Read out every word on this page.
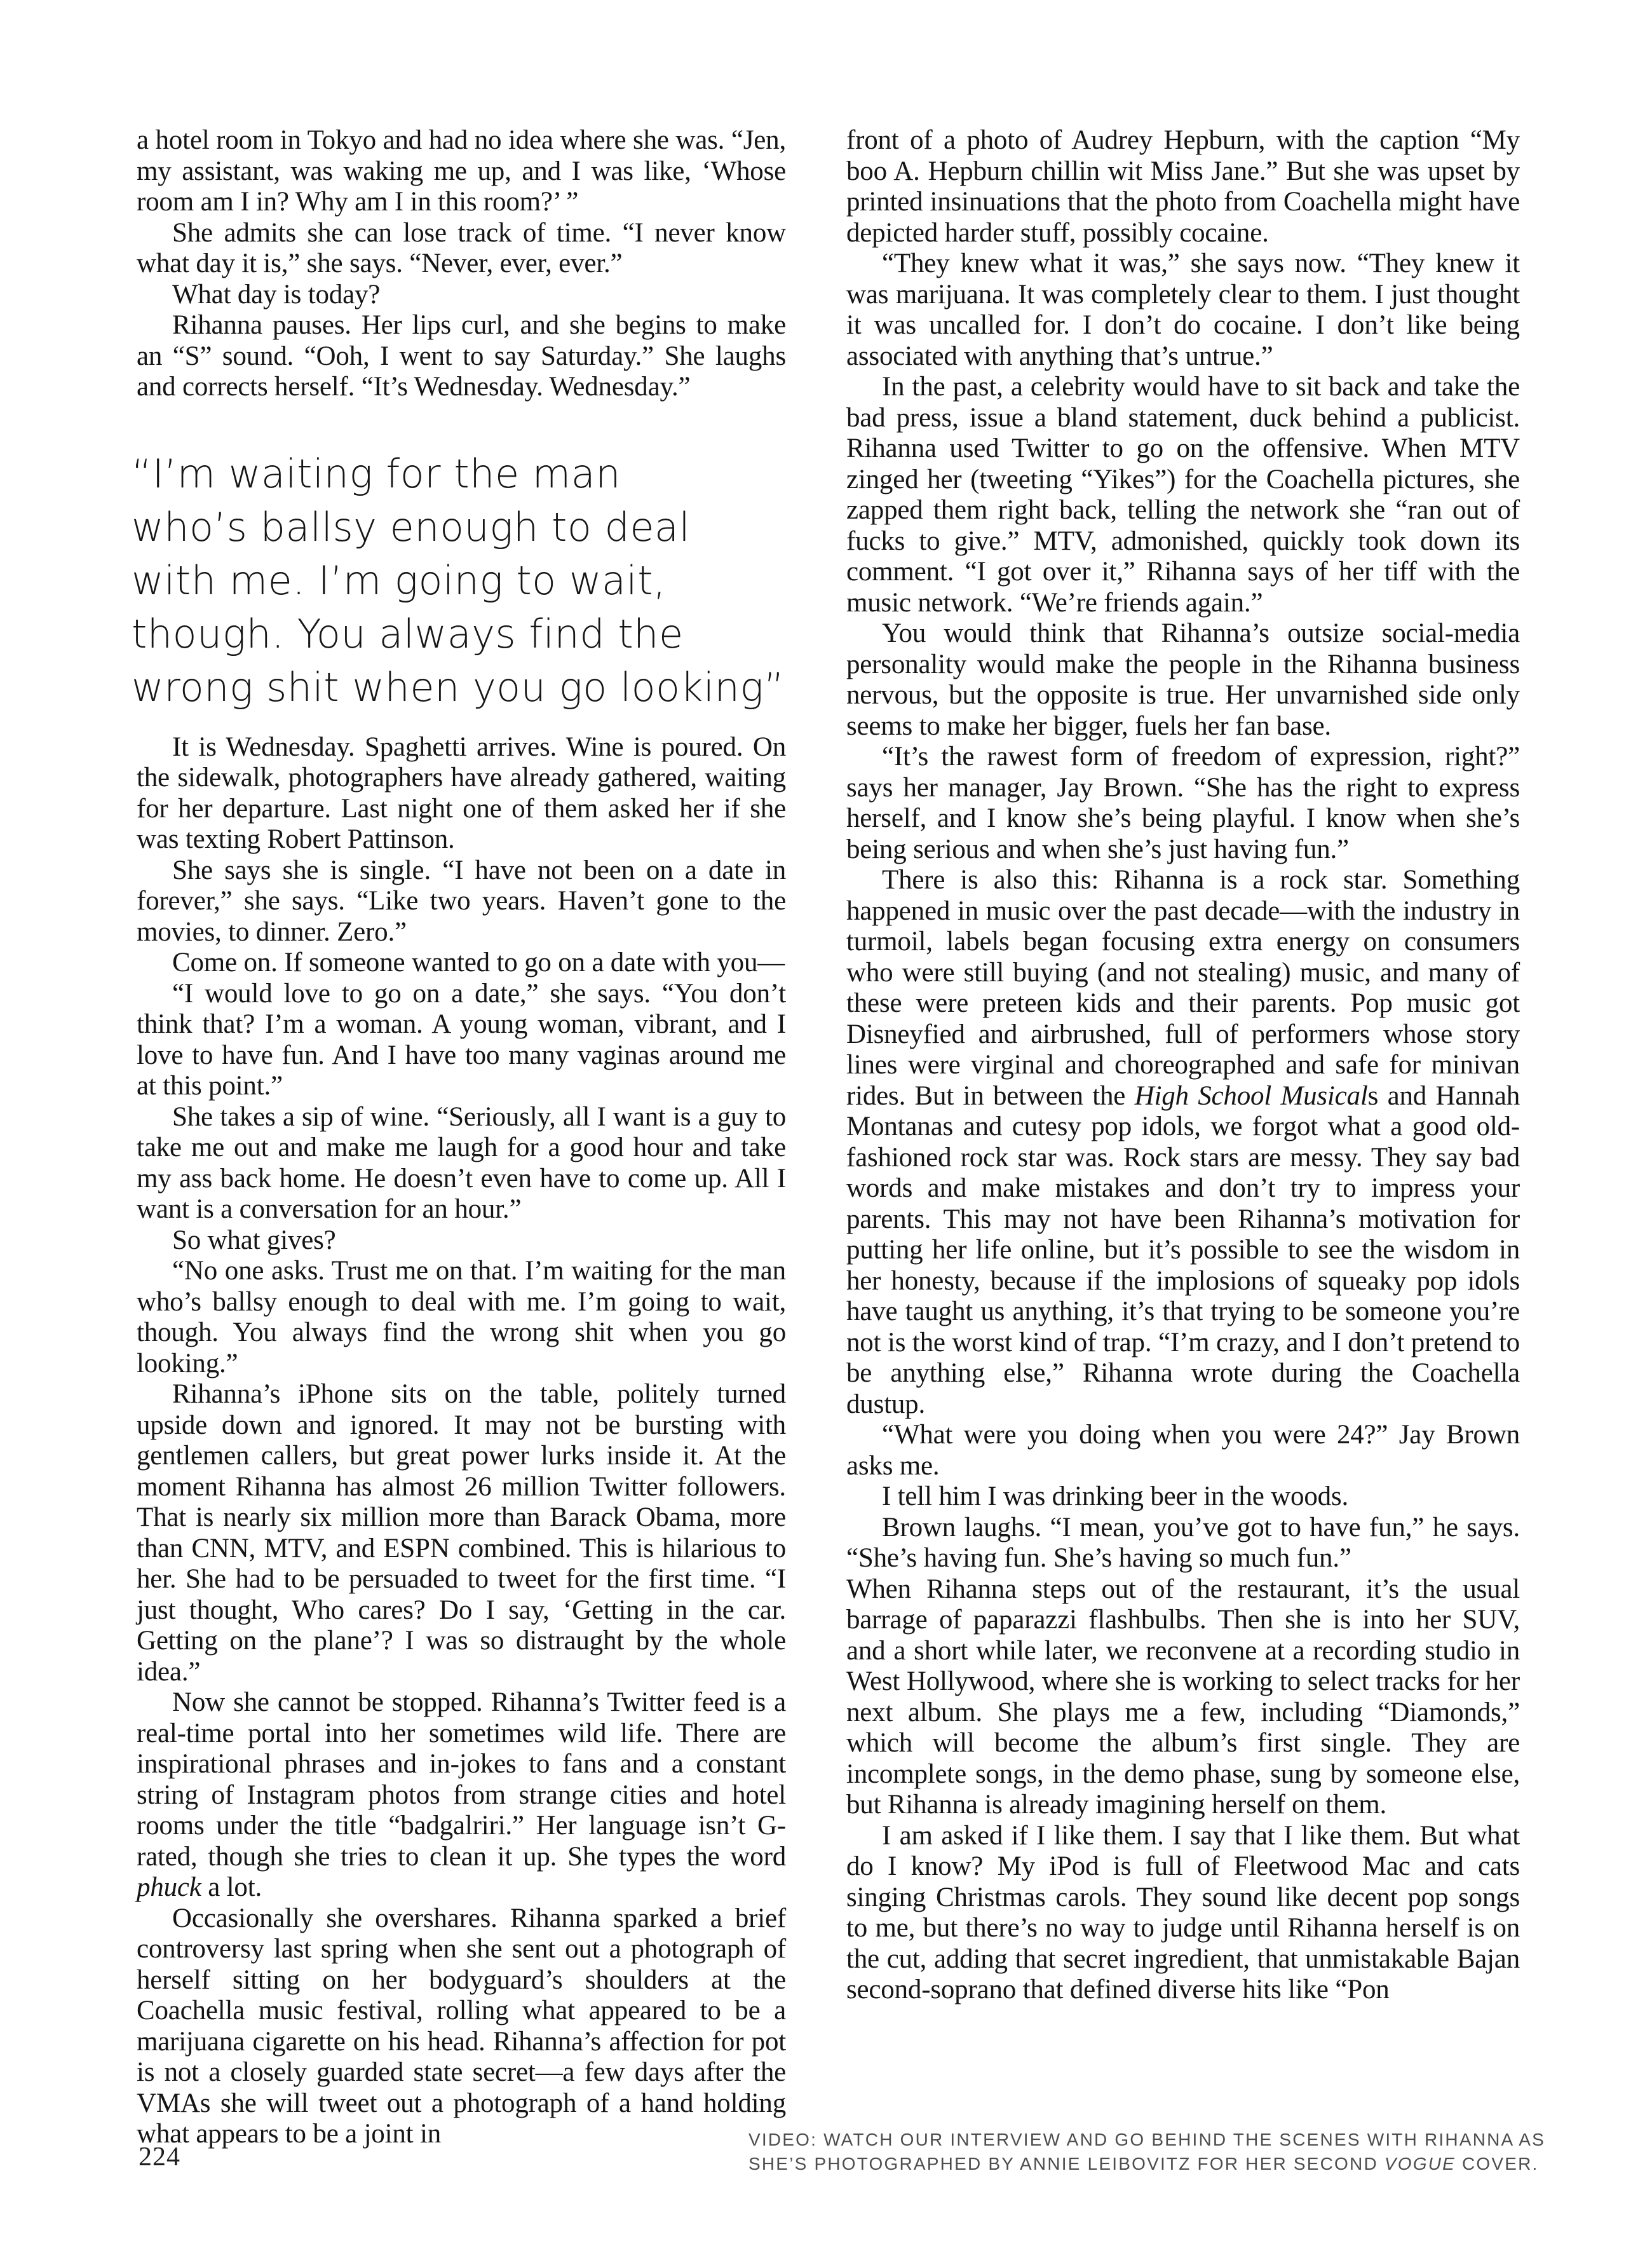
a hotel room in Tokyo and had no idea where she was. “Jen, my assistant, was waking me up, and I was like, ‘Whose room am I in? Why am I in this room?’ ”

She admits she can lose track of time. “I never know what day it is,” she says. “Never, ever, ever.”

What day is today?

Rihanna pauses. Her lips curl, and she begins to make an “S” sound. “Ooh, I went to say Saturday.” She laughs and corrects herself. “It’s Wednesday. Wednesday.”

“I’m waiting for the man
who’s ballsy enough to deal
with me. I’m going to wait,
though. You always find the
wrong shit when you go looking”

It is Wednesday. Spaghetti arrives. Wine is poured. On the sidewalk, photographers have already gathered, waiting for her departure. Last night one of them asked her if she was texting Robert Pattinson.

She says she is single. “I have not been on a date in forever,” she says. “Like two years. Haven’t gone to the movies, to dinner. Zero.”

Come on. If someone wanted to go on a date with you—

“I would love to go on a date,” she says. “You don’t think that? I’m a woman. A young woman, vibrant, and I love to have fun. And I have too many vaginas around me at this point.”

She takes a sip of wine. “Seriously, all I want is a guy to take me out and make me laugh for a good hour and take my ass back home. He doesn’t even have to come up. All I want is a conversation for an hour.”

So what gives?

“No one asks. Trust me on that. I’m waiting for the man who’s ballsy enough to deal with me. I’m going to wait, though. You always find the wrong shit when you go looking.”

Rihanna’s iPhone sits on the table, politely turned upside down and ignored. It may not be bursting with gentlemen callers, but great power lurks inside it. At the moment Rihanna has almost 26 million Twitter followers. That is nearly six million more than Barack Obama, more than CNN, MTV, and ESPN combined. This is hilarious to her. She had to be persuaded to tweet for the first time. “I just thought, Who cares? Do I say, ‘Getting in the car. Getting on the plane’? I was so distraught by the whole idea.”

Now she cannot be stopped. Rihanna’s Twitter feed is a real-time portal into her sometimes wild life. There are inspirational phrases and in-jokes to fans and a constant string of Instagram photos from strange cities and hotel rooms under the title “badgalriri.” Her language isn’t G-rated, though she tries to clean it up. She types the word phuck a lot.

Occasionally she overshares. Rihanna sparked a brief controversy last spring when she sent out a photograph of herself sitting on her bodyguard’s shoulders at the Coachella music festival, rolling what appeared to be a marijuana cigarette on his head. Rihanna’s affection for pot is not a closely guarded state secret—a few days after the VMAs she will tweet out a photograph of a hand holding what appears to be a joint in

front of a photo of Audrey Hepburn, with the caption “My boo A. Hepburn chillin wit Miss Jane.” But she was upset by printed insinuations that the photo from Coachella might have depicted harder stuff, possibly cocaine.

“They knew what it was,” she says now. “They knew it was marijuana. It was completely clear to them. I just thought it was uncalled for. I don’t do cocaine. I don’t like being associated with anything that’s untrue.”

In the past, a celebrity would have to sit back and take the bad press, issue a bland statement, duck behind a publicist. Rihanna used Twitter to go on the offensive. When MTV zinged her (tweeting “Yikes”) for the Coachella pictures, she zapped them right back, telling the network she “ran out of fucks to give.” MTV, admonished, quickly took down its comment. “I got over it,” Rihanna says of her tiff with the music network. “We’re friends again.”

You would think that Rihanna’s outsize social-media personality would make the people in the Rihanna business nervous, but the opposite is true. Her unvarnished side only seems to make her bigger, fuels her fan base.

“It’s the rawest form of freedom of expression, right?” says her manager, Jay Brown. “She has the right to express herself, and I know she’s being playful. I know when she’s being serious and when she’s just having fun.”

There is also this: Rihanna is a rock star. Something happened in music over the past decade—with the industry in turmoil, labels began focusing extra energy on consumers who were still buying (and not stealing) music, and many of these were preteen kids and their parents. Pop music got Disneyfied and airbrushed, full of performers whose story lines were virginal and choreographed and safe for minivan rides. But in between the High School Musicals and Hannah Montanas and cutesy pop idols, we forgot what a good old-fashioned rock star was. Rock stars are messy. They say bad words and make mistakes and don’t try to impress your parents. This may not have been Rihanna’s motivation for putting her life online, but it’s possible to see the wisdom in her honesty, because if the implosions of squeaky pop idols have taught us anything, it’s that trying to be someone you’re not is the worst kind of trap. “I’m crazy, and I don’t pretend to be anything else,” Rihanna wrote during the Coachella dustup.

“What were you doing when you were 24?” Jay Brown asks me.

I tell him I was drinking beer in the woods.

Brown laughs. “I mean, you’ve got to have fun,” he says. “She’s having fun. She’s having so much fun.”

When Rihanna steps out of the restaurant, it’s the usual barrage of paparazzi flashbulbs. Then she is into her SUV, and a short while later, we reconvene at a recording studio in West Hollywood, where she is working to select tracks for her next album. She plays me a few, including “Diamonds,” which will become the album’s first single. They are incomplete songs, in the demo phase, sung by someone else, but Rihanna is already imagining herself on them.

I am asked if I like them. I say that I like them. But what do I know? My iPod is full of Fleetwood Mac and cats singing Christmas carols. They sound like decent pop songs to me, but there’s no way to judge until Rihanna herself is on the cut, adding that secret ingredient, that unmistakable Bajan second-soprano that defined diverse hits like “Pon

224
VIDEO: WATCH OUR INTERVIEW AND GO BEHIND THE SCENES WITH RIHANNA AS
SHE’S PHOTOGRAPHED BY ANNIE LEIBOVITZ FOR HER SECOND VOGUE COVER.
